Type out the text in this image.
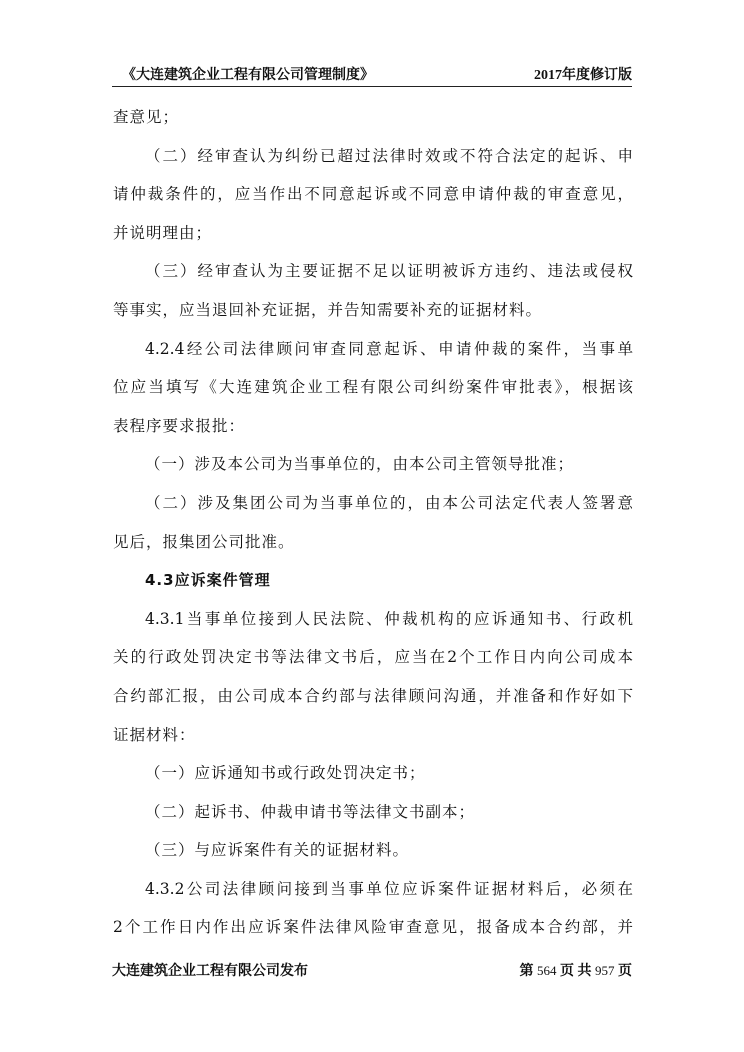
《大连建筑企业工程有限公司管理制度》	2017年度修订版
查意见；
（二）经审查认为纠纷已超过法律时效或不符合法定的起诉、申
请仲裁条件的，应当作出不同意起诉或不同意申请仲裁的审查意见，
并说明理由；
（三）经审查认为主要证据不足以证明被诉方违约、违法或侵权
等事实，应当退回补充证据，并告知需要补充的证据材料。
4.2.4经公司法律顾问审查同意起诉、申请仲裁的案件，当事单
位应当填写《大连建筑企业工程有限公司纠纷案件审批表》，根据该
表程序要求报批：
（一）涉及本公司为当事单位的，由本公司主管领导批准；
（二）涉及集团公司为当事单位的，由本公司法定代表人签署意
见后，报集团公司批准。
4.3应诉案件管理
4.3.1当事单位接到人民法院、仲裁机构的应诉通知书、行政机
关的行政处罚决定书等法律文书后，应当在2个工作日内向公司成本
合约部汇报，由公司成本合约部与法律顾问沟通，并准备和作好如下
证据材料：
（一）应诉通知书或行政处罚决定书；
（二）起诉书、仲裁申请书等法律文书副本；
（三）与应诉案件有关的证据材料。
4.3.2公司法律顾问接到当事单位应诉案件证据材料后，必须在
2个工作日内作出应诉案件法律风险审查意见，报备成本合约部，并
大连建筑企业工程有限公司发布	第 564 页 共 957 页
